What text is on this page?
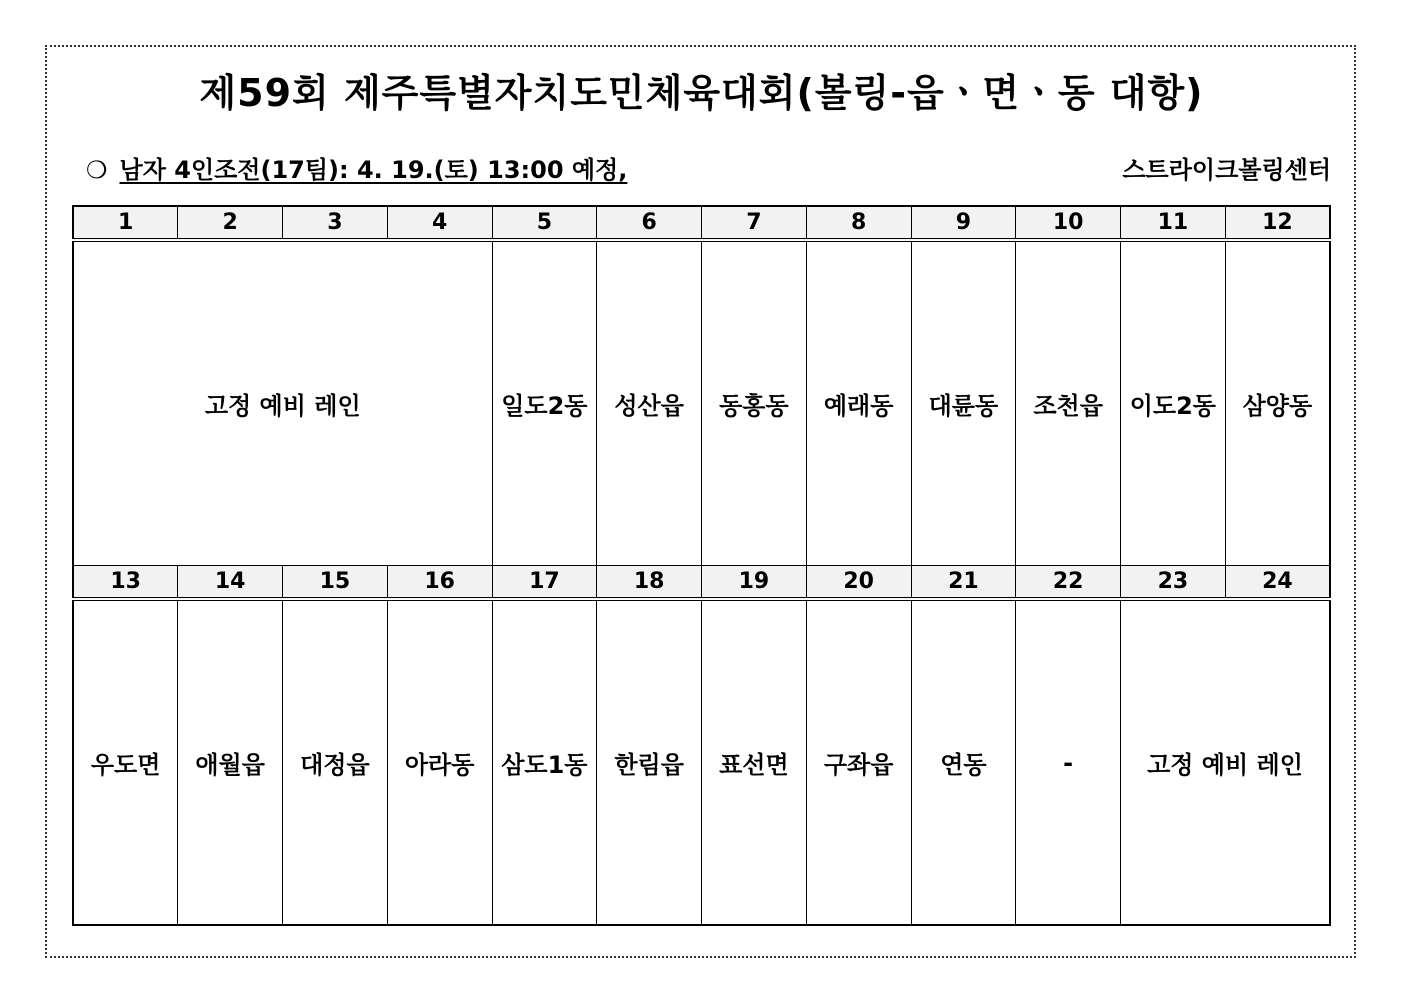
제59회 제주특별자치도민체육대회(볼링-읍ㆍ면ㆍ동 대항)
❍ 남자 4인조전(17팀): 4. 19.(토) 13:00 예정,	스트라이크볼링센터
1	2	3	4	5	6	7	8	9	10	11	12
고정 예비 레인				일도2동	성산읍	동홍동	예래동	대륜동	조천읍	이도2동	삼양동
13	14	15	16	17	18	19	20	21	22	23	24
우도면	애월읍	대정읍	아라동	삼도1동	한림읍	표선면	구좌읍	연동	-	고정 예비 레인	
